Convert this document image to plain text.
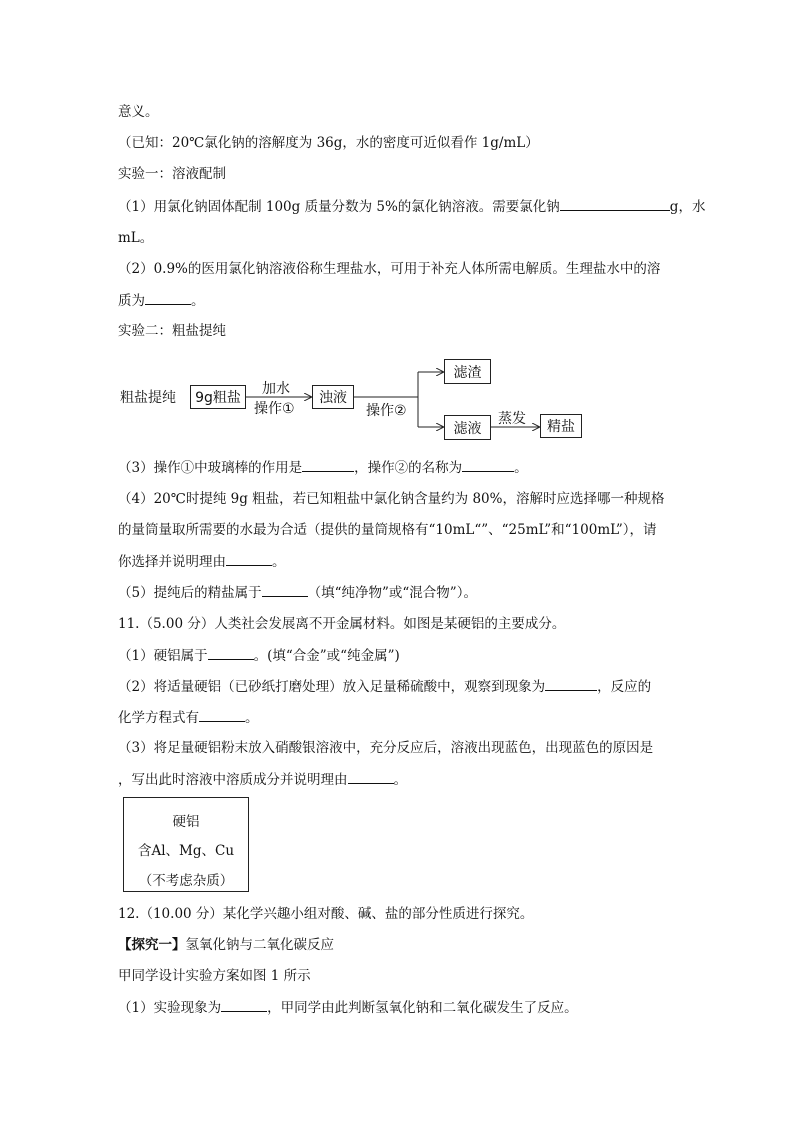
意义。
（已知：20℃氯化钠的溶解度为 36g，水的密度可近似看作 1g/mL）
实验一：溶液配制
（1）用氯化钠固体配制 100g 质量分数为 5%的氯化钠溶液。需要氯化钠	g，水
mL。
（2）0.9%的医用氯化钠溶液俗称生理盐水，可用于补充人体所需电解质。生理盐水中的溶
质为	。
实验二：粗盐提纯
粗盐提纯	9g粗盐
加水
操作①
浊液
操作②
滤渣
滤液
蒸发	精盐
（3）操作①中玻璃棒的作用是	，操作②的名称为	。
（4）20℃时提纯 9g 粗盐，若已知粗盐中氯化钠含量约为 80%，溶解时应选择哪一种规格
的量筒量取所需要的水最为合适（提供的量筒规格有“10mL“”、“25mL”和“100mL”），请
你选择并说明理由	。
（5）提纯后的精盐属于	（填“纯净物”或“混合物”）。
11.（5.00 分）人类社会发展离不开金属材料。如图是某硬铝的主要成分。
（1）硬铝属于	。(填“合金”或“纯金属”)
（2）将适量硬铝（已砂纸打磨处理）放入足量稀硫酸中，观察到现象为	，反应的
化学方程式有	。
（3）将足量硬铝粉末放入硝酸银溶液中，充分反应后，溶液出现蓝色，出现蓝色的原因是
，写出此时溶液中溶质成分并说明理由	。
硬铝
含Al、Mg、Cu
（不考虑杂质）
12.（10.00 分）某化学兴趣小组对酸、碱、盐的部分性质进行探究。
【探究一】氢氧化钠与二氧化碳反应
甲同学设计实验方案如图 1 所示
（1）实验现象为	，甲同学由此判断氢氧化钠和二氧化碳发生了反应。
